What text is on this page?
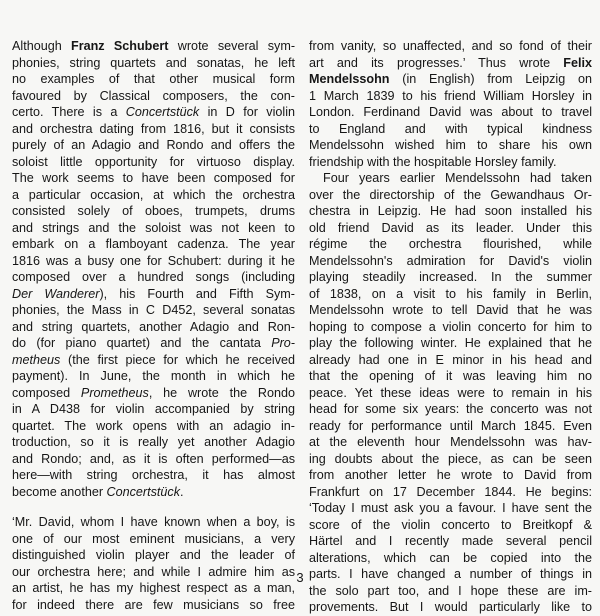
Although Franz Schubert wrote several sym-
phonies, string quartets and sonatas, he left
no examples of that other musical form
favoured by Classical composers, the con-
certo. There is a Concertstück in D for violin
and orchestra dating from 1816, but it consists
purely of an Adagio and Rondo and offers the
soloist little opportunity for virtuoso display.
The work seems to have been composed for
a particular occasion, at which the orchestra
consisted solely of oboes, trumpets, drums
and strings and the soloist was not keen to
embark on a flamboyant cadenza. The year
1816 was a busy one for Schubert: during it he
composed over a hundred songs (including
Der Wanderer), his Fourth and Fifth Sym-
phonies, the Mass in C D452, several sonatas
and string quartets, another Adagio and Ron-
do (for piano quartet) and the cantata Pro-
metheus (the first piece for which he received
payment). In June, the month in which he
composed Prometheus, he wrote the Rondo
in A D438 for violin accompanied by string
quartet. The work opens with an adagio in-
troduction, so it is really yet another Adagio
and Rondo; and, as it is often performed—as
here—with string orchestra, it has almost
become another Concertstück.
‘Mr. David, whom I have known when a boy, is
one of our most eminent musicians, a very
distinguished violin player and the leader of
our orchestra here; and while I admire him as
an artist, he has my highest respect as a man,
for indeed there are few musicians so free
from vanity, so unaffected, and so fond of their
art and its progresses.’ Thus wrote Felix
Mendelssohn (in English) from Leipzig on
1 March 1839 to his friend William Horsley in
London. Ferdinand David was about to travel
to England and with typical kindness
Mendelssohn wished him to share his own
friendship with the hospitable Horsley family.
Four years earlier Mendelssohn had taken
over the directorship of the Gewandhaus Or-
chestra in Leipzig. He had soon installed his
old friend David as its leader. Under this
régime the orchestra flourished, while
Mendelssohn's admiration for David's violin
playing steadily increased. In the summer
of 1838, on a visit to his family in Berlin,
Mendelssohn wrote to tell David that he was
hoping to compose a violin concerto for him to
play the following winter. He explained that he
already had one in E minor in his head and
that the opening of it was leaving him no
peace. Yet these ideas were to remain in his
head for some six years: the concerto was not
ready for performance until March 1845. Even
at the eleventh hour Mendelssohn was hav-
ing doubts about the piece, as can be seen
from another letter he wrote to David from
Frankfurt on 17 December 1844. He begins:
‘Today I must ask you a favour. I have sent the
score of the violin concerto to Breitkopf &
Härtel and I recently made several pencil
alterations, which can be copied into the
parts. I have changed a number of things in
the solo part too, and I hope these are im-
provements. But I would particularly like to
3
